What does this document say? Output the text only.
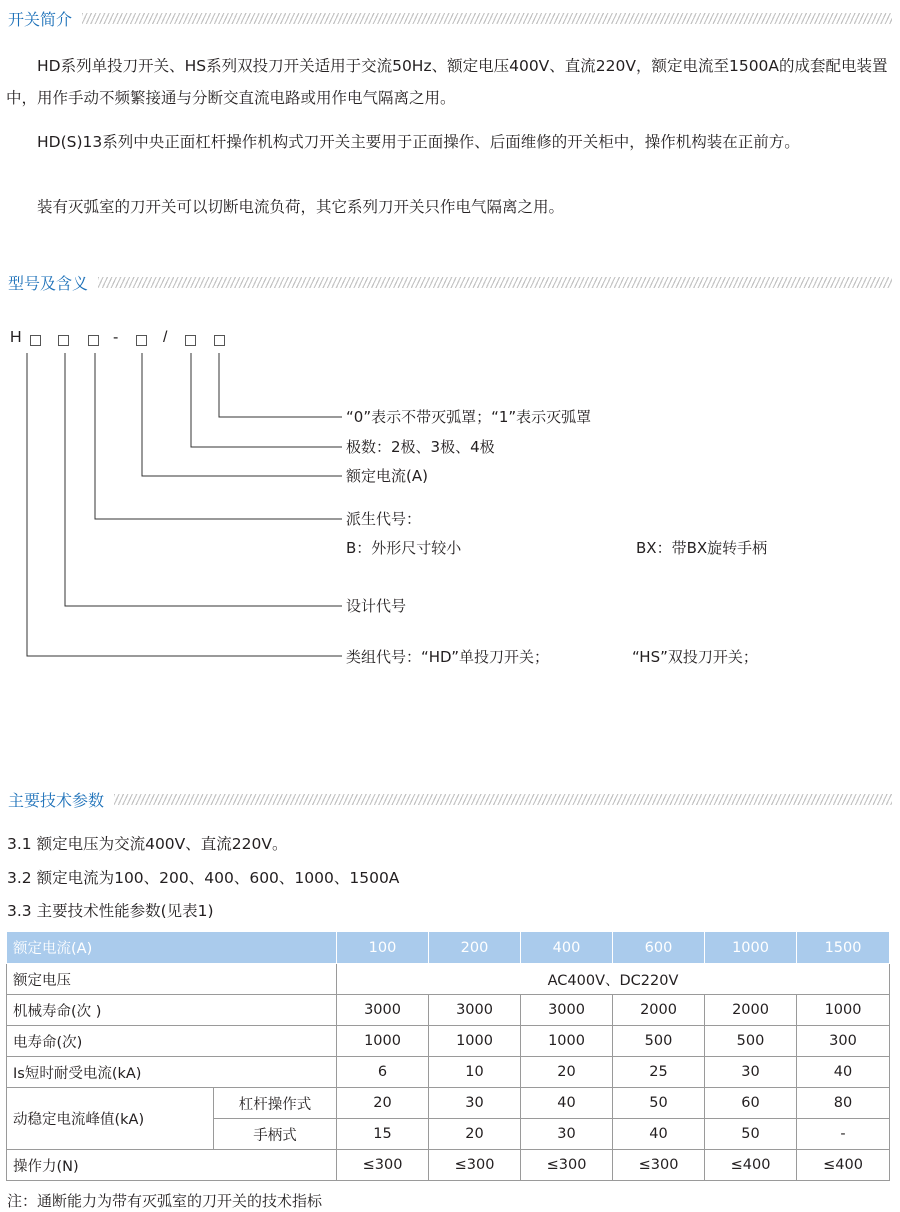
开关简介

HD系列单投刀开关、HS系列双投刀开关适用于交流50Hz、额定电压400V、直流220V，额定电流至1500A的成套配电装置中，用作手动不频繁接通与分断交直流电路或用作电气隔离之用。

HD(S)13系列中央正面杠杆操作机构式刀开关主要用于正面操作、后面维修的开关柜中，操作机构装在正前方。

装有灭弧室的刀开关可以切断电流负荷，其它系列刀开关只作电气隔离之用。

型号及含义
H	-	/
“0”表示不带灭弧罩；“1”表示灭弧罩
极数：2极、3极、4极
额定电流(A)
派生代号：
B：外形尺寸较小	BX：带BX旋转手柄
设计代号
类组代号：“HD”单投刀开关；	“HS”双投刀开关；
主要技术参数

3.1 额定电压为交流400V、直流220V。

3.2 额定电流为100、200、400、600、1000、1500A

3.3 主要技术性能参数(见表1)

额定电流(A)		100	200	400	600	1000	1500
额定电压		AC400V、DC220V					
机械寿命(次 )		3000	3000	3000	2000	2000	1000
电寿命(次)		1000	1000	1000	500	500	300
Is短时耐受电流(kA)		6	10	20	25	30	40
动稳定电流峰值(kA)	杠杆操作式	20	30	40	50	60	80
	手柄式	15	20	30	40	50	-
操作力(N)		≤300	≤300	≤300	≤300	≤400	≤400

注：通断能力为带有灭弧室的刀开关的技术指标
